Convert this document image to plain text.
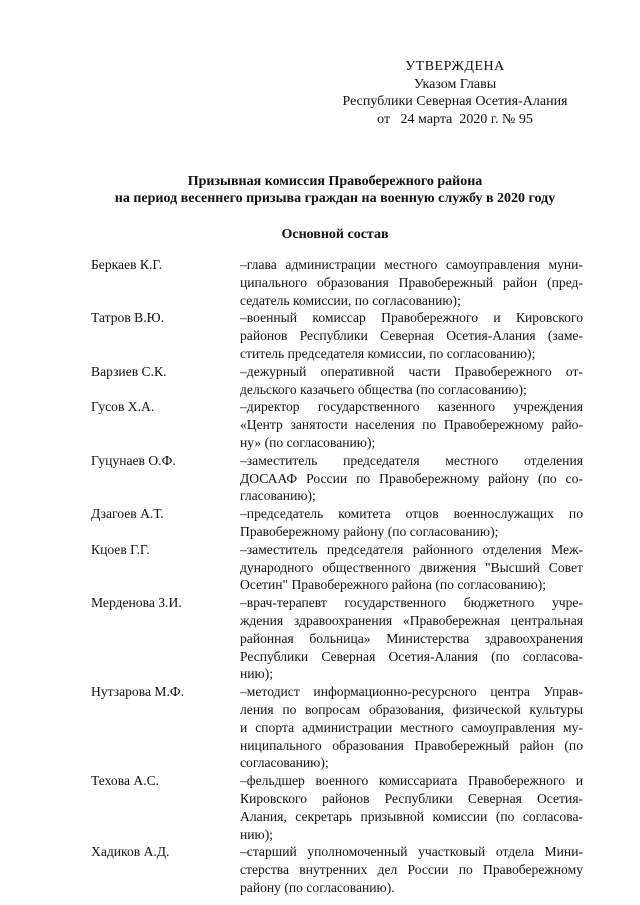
УТВЕРЖДЕНА
Указом Главы
Республики Северная Осетия-Алания
от   24 марта  2020 г. № 95
Призывная комиссия Правобережного района
на период весеннего призыва граждан на военную службу в 2020 году
Основной состав
Беркаев К.Г.	–глава администрации местного самоуправления муни-
ципального образования Правобережный район (пред-
седатель комиссии, по согласованию);
Татров В.Ю.	–военный комиссар Правобережного и Кировского
районов Республики Северная Осетия-Алания (заме-
ститель председателя комиссии, по согласованию);
Варзиев С.К.	–дежурный оперативной части Правобережного от-
дельского казачьего общества (по согласованию);
Гусов Х.А.	–директор государственного казенного учреждения
«Центр занятости населения по Правобережному райо-
ну» (по согласованию);
Гуцунаев О.Ф.	–заместитель председателя местного отделения
ДОСААФ России по Правобережному району (по со-
гласованию);
Дзагоев А.Т.	–председатель комитета отцов военнослужащих по
Правобережному району (по согласованию);
Кцоев Г.Г.	–заместитель председателя районного отделения Меж-
дународного общественного движения "Высший Совет
Осетин" Правобережного района (по согласованию);
Мерденова З.И.	–врач-терапевт государственного бюджетного учре-
ждения здравоохранения «Правобережная центральная
районная больница» Министерства здравоохранения
Республики Северная Осетия-Алания (по согласова-
нию);
Нутзарова М.Ф.	–методист информационно-ресурсного центра Управ-
ления по вопросам образования, физической культуры
и спорта администрации местного самоуправления му-
ниципального образования Правобережный район (по
согласованию);
Техова А.С.	–фельдшер военного комиссариата Правобережного и
Кировского районов Республики Северная Осетия-
Алания, секретарь призывной комиссии (по согласова-
нию);
Хадиков А.Д.	–старший уполномоченный участковый отдела Мини-
стерства внутренних дел России по Правобережному
району (по согласованию).
